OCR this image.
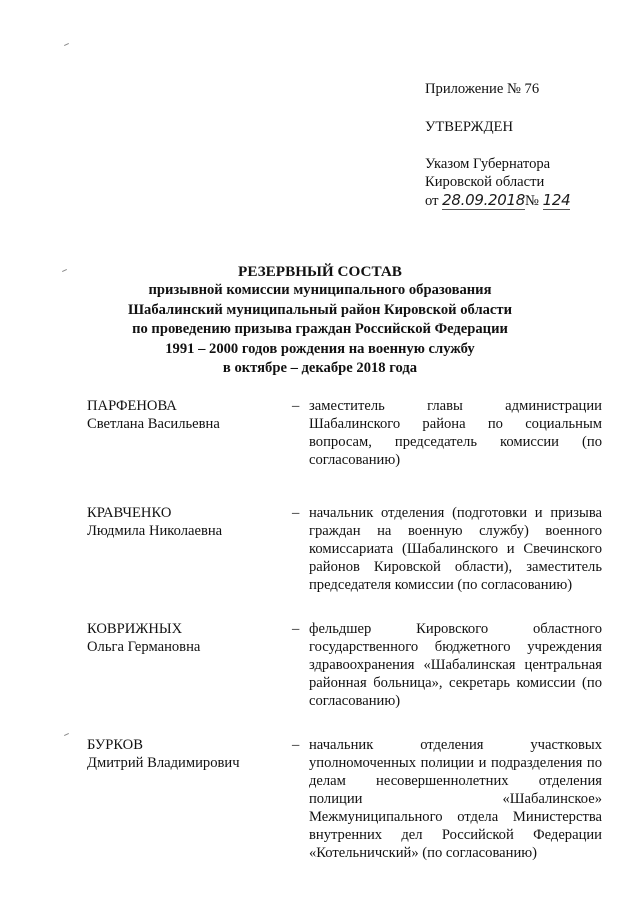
Приложение № 76
УТВЕРЖДЕН
Указом Губернатора
Кировской области
от 28.09.2018№ 124
РЕЗЕРВНЫЙ СОСТАВ
призывной комиссии муниципального образования
Шабалинский муниципальный район Кировской области
по проведению призыва граждан Российской Федерации
1991 – 2000 годов рождения на военную службу
в октябре – декабре 2018 года
ПАРФЕНОВА
Светлана Васильевна
– заместитель главы администрации Шабалинского района по социальным вопросам, председатель комиссии (по согласованию)
КРАВЧЕНКО
Людмила Николаевна
– начальник отделения (подготовки и призыва граждан на военную службу) военного комиссариата (Шабалинского и Свечинского районов Кировской области), заместитель председателя комиссии (по согласованию)
КОВРИЖНЫХ
Ольга Германовна
– фельдшер Кировского областного государственного бюджетного учреждения здравоохранения «Шабалинская центральная районная больница», секретарь комиссии (по согласованию)
БУРКОВ
Дмитрий Владимирович
– начальник отделения участковых уполномоченных полиции и подразделения по делам несовершеннолетних отделения полиции «Шабалинское» Межмуниципального отдела Министерства внутренних дел Российской Федерации «Котельничский» (по согласованию)
